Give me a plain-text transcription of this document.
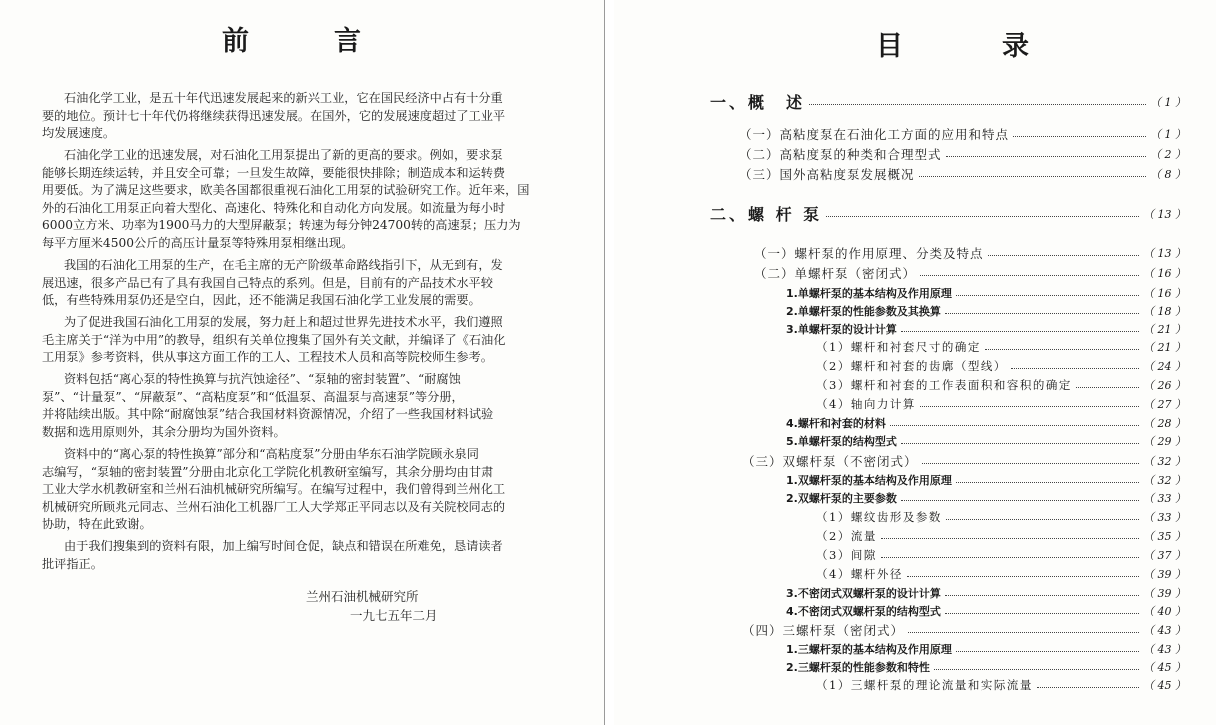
前	言
石油化学工业，是五十年代迅速发展起来的新兴工业，它在国民经济中占有十分重
要的地位。预计七十年代仍将继续获得迅速发展。在国外，它的发展速度超过了工业平
均发展速度。
石油化学工业的迅速发展，对石油化工用泵提出了新的更高的要求。例如，要求泵
能够长期连续运转，并且安全可靠；一旦发生故障，要能很快排除；制造成本和运转费
用要低。为了满足这些要求，欧美各国都很重视石油化工用泵的试验研究工作。近年来，国
外的石油化工用泵正向着大型化、高速化、特殊化和自动化方向发展。如流量为每小时
6000立方米、功率为1900马力的大型屏蔽泵；转速为每分钟24700转的高速泵；压力为
每平方厘米4500公斤的高压计量泵等特殊用泵相继出现。
我国的石油化工用泵的生产，在毛主席的无产阶级革命路线指引下，从无到有，发
展迅速，很多产品已有了具有我国自己特点的系列。但是，目前有的产品技术水平较
低，有些特殊用泵仍还是空白，因此，还不能满足我国石油化学工业发展的需要。
为了促进我国石油化工用泵的发展，努力赶上和超过世界先进技术水平，我们遵照
毛主席关于“洋为中用”的教导，组织有关单位搜集了国外有关文献，并编译了《石油化
工用泵》参考资料，供从事这方面工作的工人、工程技术人员和高等院校师生参考。
资料包括“离心泵的特性换算与抗汽蚀途径”、“泵轴的密封装置”、“耐腐蚀
泵”、“计量泵”、“屏蔽泵”、“高粘度泵”和“低温泵、高温泵与高速泵”等分册，
并将陆续出版。其中除“耐腐蚀泵”结合我国材料资源情况，介绍了一些我国材料试验
数据和选用原则外，其余分册均为国外资料。
资料中的“离心泵的特性换算”部分和“高粘度泵”分册由华东石油学院顾永泉同
志编写，“泵轴的密封装置”分册由北京化工学院化机教研室编写，其余分册均由甘肃
工业大学水机教研室和兰州石油机械研究所编写。在编写过程中，我们曾得到兰州化工
机械研究所顾兆元同志、兰州石油化工机器厂工人大学郑正平同志以及有关院校同志的
协助，特在此致谢。
由于我们搜集到的资料有限，加上编写时间仓促，缺点和错误在所难免，恳请读者
批评指正。
兰州石油机械研究所
一九七五年二月
目	录
一、概　述	（ 1 ）
（一）高粘度泵在石油化工方面的应用和特点	（ 1 ）
（二）高粘度泵的种类和合理型式	（ 2 ）
（三）国外高粘度泵发展概况	（ 8 ）
二、螺 杆 泵	（ 13 ）
（一）螺杆泵的作用原理、分类及特点	（ 13 ）
（二）单螺杆泵（密闭式）	（ 16 ）
1.单螺杆泵的基本结构及作用原理	（ 16 ）
2.单螺杆泵的性能参数及其换算	（ 18 ）
3.单螺杆泵的设计计算	（ 21 ）
（1）螺杆和衬套尺寸的确定	（ 21 ）
（2）螺杆和衬套的齿廓（型线）	（ 24 ）
（3）螺杆和衬套的工作表面积和容积的确定	（ 26 ）
（4）轴向力计算	（ 27 ）
4.螺杆和衬套的材料	（ 28 ）
5.单螺杆泵的结构型式	（ 29 ）
（三）双螺杆泵（不密闭式）	（ 32 ）
1.双螺杆泵的基本结构及作用原理	（ 32 ）
2.双螺杆泵的主要参数	（ 33 ）
（1）螺纹齿形及参数	（ 33 ）
（2）流量	（ 35 ）
（3）间隙	（ 37 ）
（4）螺杆外径	（ 39 ）
3.不密闭式双螺杆泵的设计计算	（ 39 ）
4.不密闭式双螺杆泵的结构型式	（ 40 ）
（四）三螺杆泵（密闭式）	（ 43 ）
1.三螺杆泵的基本结构及作用原理	（ 43 ）
2.三螺杆泵的性能参数和特性	（ 45 ）
（1）三螺杆泵的理论流量和实际流量	（ 45 ）
